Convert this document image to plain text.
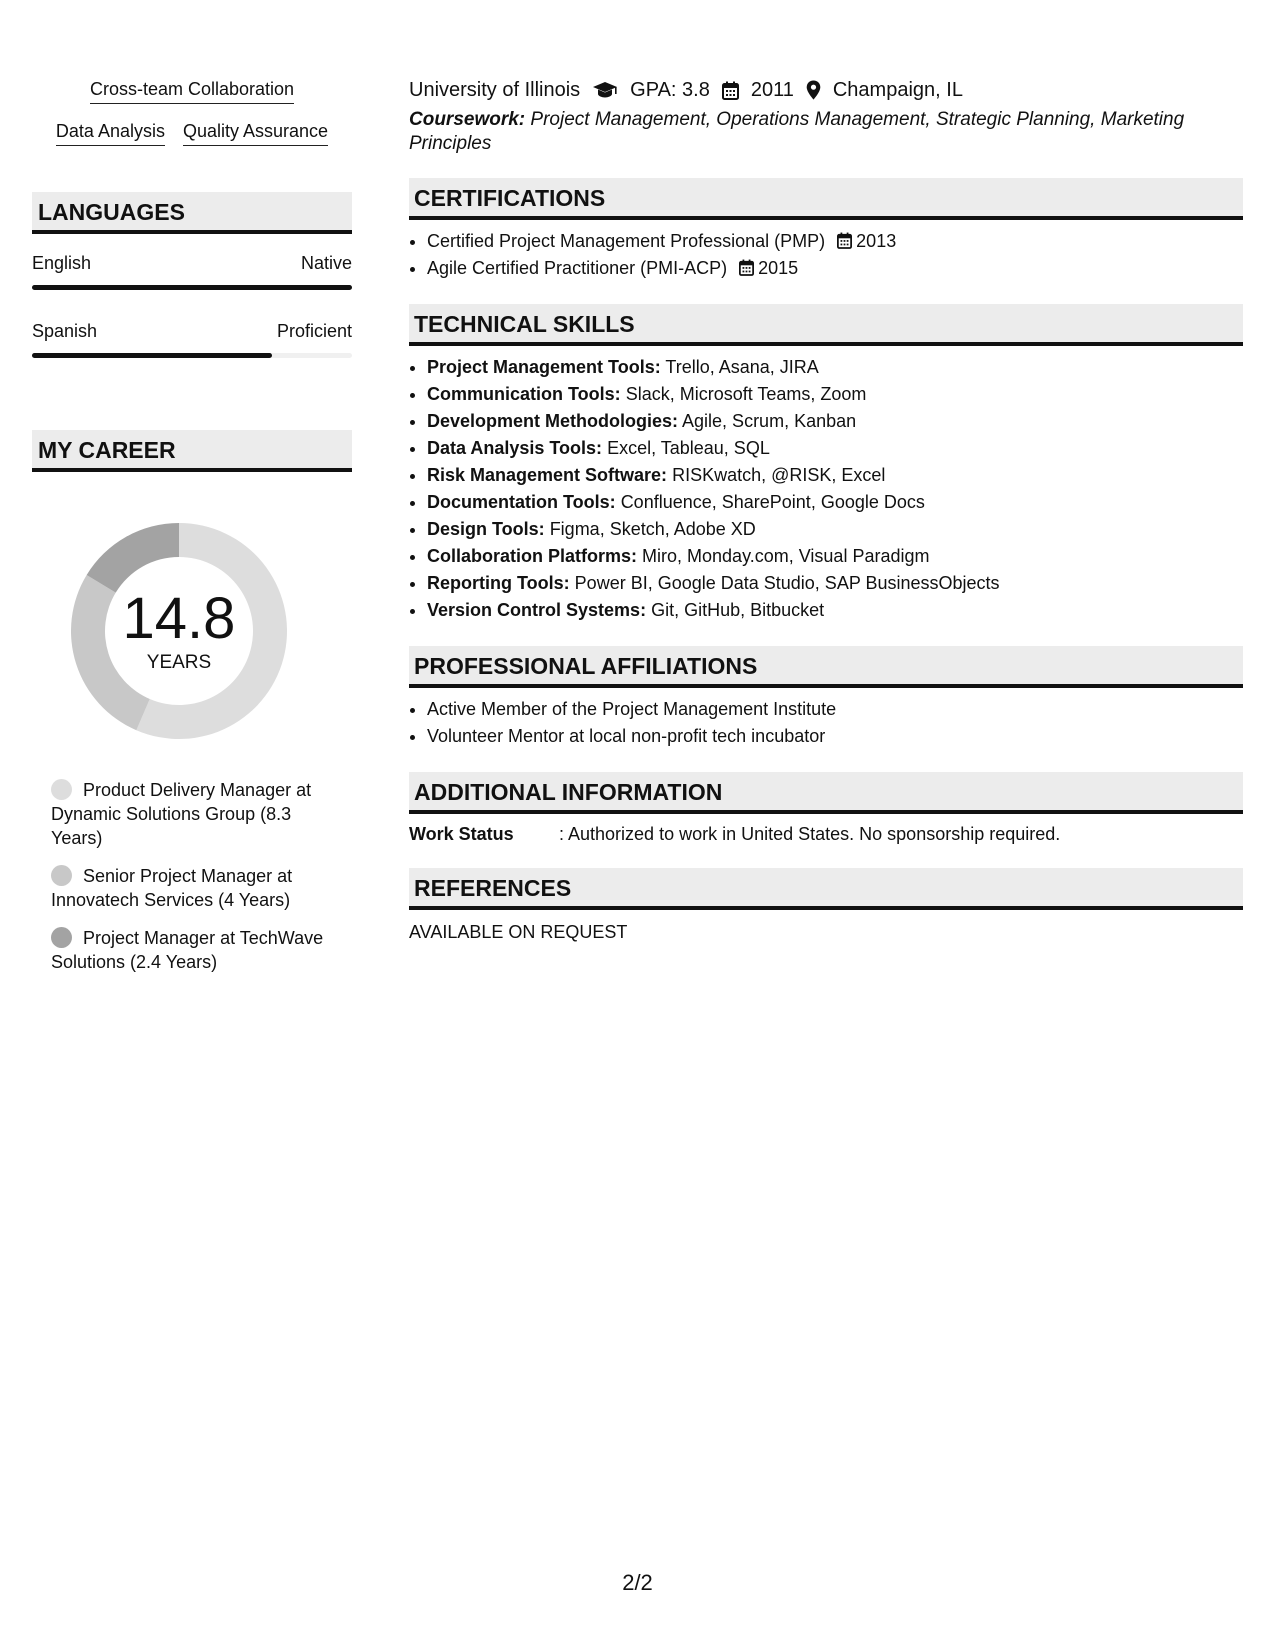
Cross-team Collaboration
Data Analysis Quality Assurance
LANGUAGES
English	Native
Spanish	Proficient
MY CAREER
14.8
YEARS
Product Delivery Manager at Dynamic Solutions Group (8.3 Years)
Senior Project Manager at Innovatech Services (4 Years)
Project Manager at TechWave Solutions (2.4 Years)
University of Illinois	GPA: 3.8 2011 Champaign, IL
Coursework: Project Management, Operations Management, Strategic Planning, Marketing Principles
CERTIFICATIONS
• Certified Project Management Professional (PMP) 2013
• Agile Certified Practitioner (PMI-ACP) 2015
TECHNICAL SKILLS
• Project Management Tools: Trello, Asana, JIRA
• Communication Tools: Slack, Microsoft Teams, Zoom
• Development Methodologies: Agile, Scrum, Kanban
• Data Analysis Tools: Excel, Tableau, SQL
• Risk Management Software: RISKwatch, @RISK, Excel
• Documentation Tools: Confluence, SharePoint, Google Docs
• Design Tools: Figma, Sketch, Adobe XD
• Collaboration Platforms: Miro, Monday.com, Visual Paradigm
• Reporting Tools: Power BI, Google Data Studio, SAP BusinessObjects
• Version Control Systems: Git, GitHub, Bitbucket
PROFESSIONAL AFFILIATIONS
• Active Member of the Project Management Institute
• Volunteer Mentor at local non-profit tech incubator
ADDITIONAL INFORMATION
Work Status	: Authorized to work in United States. No sponsorship required.
REFERENCES
AVAILABLE ON REQUEST
2/2
